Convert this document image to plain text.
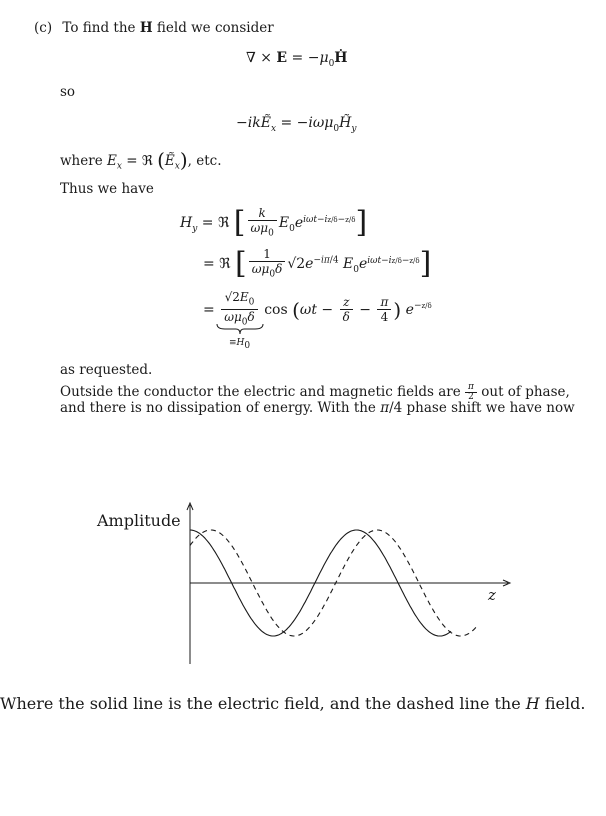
(c) To find the H field we consider
∇ × $E = -\mu_0Ḣ$
so
−ikẼ$_x$ = $-i\omega\mu_0H̃_y$
where $E_x$ = ℜ (Ẽ$_x$), etc.
Thus we have
$H_y$ = ℜ [ $\frac{k}{\omega\mu_0} E_0e^{i\omega t-iz/\delta-z/\delta}$]
= ℜ [ $\frac{1}{\omega\mu_0\delta} √2e^{-i\pi/4}$ $E_0e^{i\omega t-iz/\delta-z/\delta}$]
= $\frac{√2E_0}{\omega\mu_0\delta}$ $\cos (\omega t - \frac{z}{\delta} - \frac{\pi}{4}$ ) $e^{-z/\delta}$
$\equiv H_0$
as requested.
Outside the conductor the electric and magnetic fields are $\frac{\pi}{2}$ out of phase,
and there is no dissipation of energy. With the π/4 phase shift we have now
Amplitude
z
Where the solid line is the electric field, and the dashed line the H field.
